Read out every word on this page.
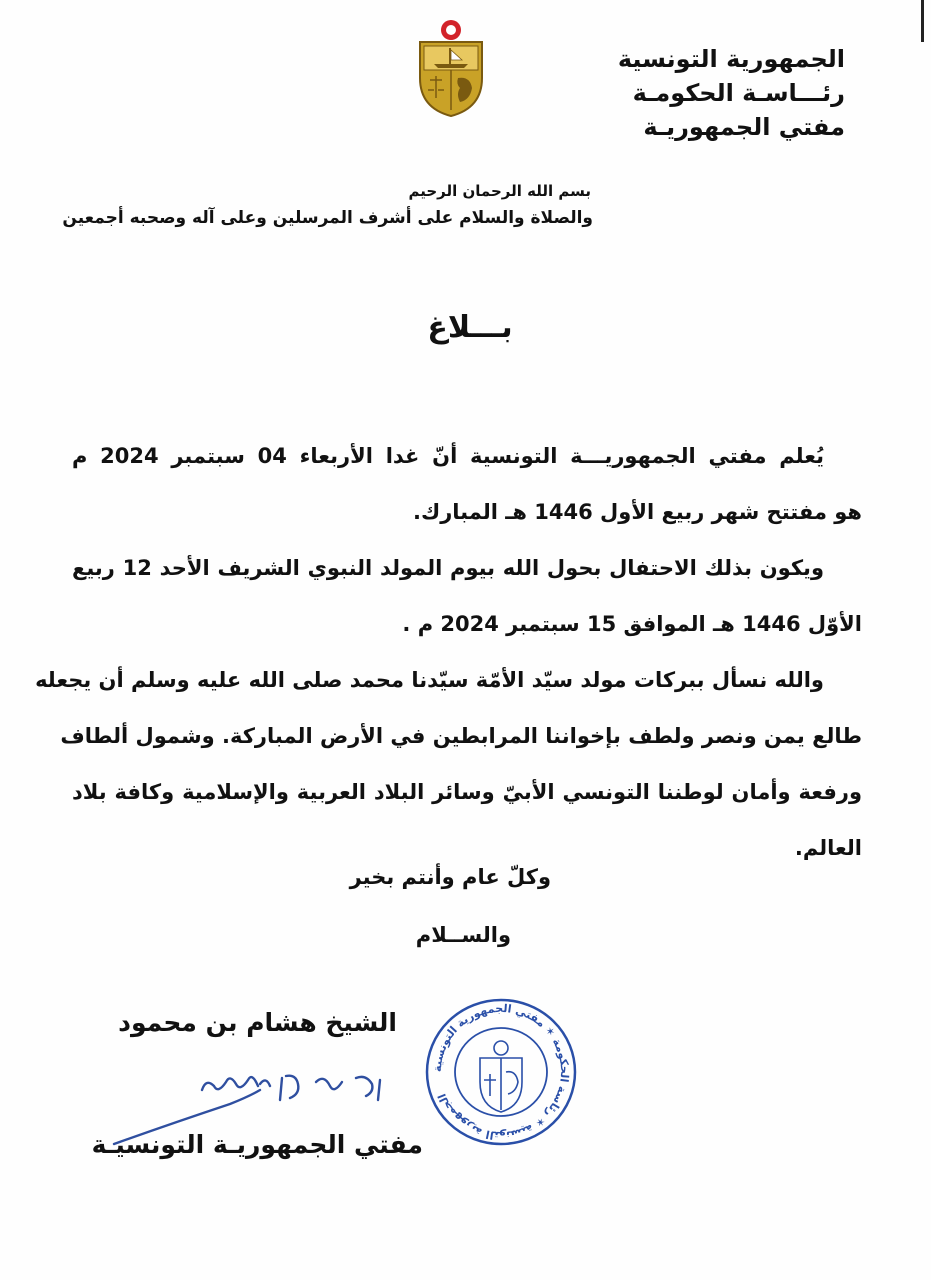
الجمهورية التونسية
رئـــاسـة الحكومـة
مفتي الجمهوريـة
بسم الله الرحمان الرحيم
والصلاة والسلام على أشرف المرسلين وعلى آله وصحبه أجمعين
بـــلاغ
يُعلم مفتي الجمهوريـــة التونسية أنّ غدا الأربعاء 04 سبتمبر 2024 م
هو مفتتح شهر ربيع الأول 1446 هـ المبارك.
ويكون بذلك الاحتفال بحول الله بيوم المولد النبوي الشريف الأحد 12 ربيع
الأوّل 1446 هـ الموافق 15 سبتمبر 2024 م .
والله نسأل ببركات مولد سيّد الأمّة سيّدنا محمد صلى الله عليه وسلم أن يجعله
طالع يمن ونصر ولطف بإخواننا المرابطين في الأرض المباركة. وشمول ألطاف
ورفعة وأمان لوطننا التونسي الأبيّ وسائر البلاد العربية والإسلامية وكافة بلاد
العالم.
وكلّ عام وأنتم بخير
والســلام
الشيخ هشام بن محمود
مفتي الجمهوريـة التونسيـة
الجمهورية التونسية ✶ رئاسة الحكومة ✶ مفتي الجمهورية التونسية
